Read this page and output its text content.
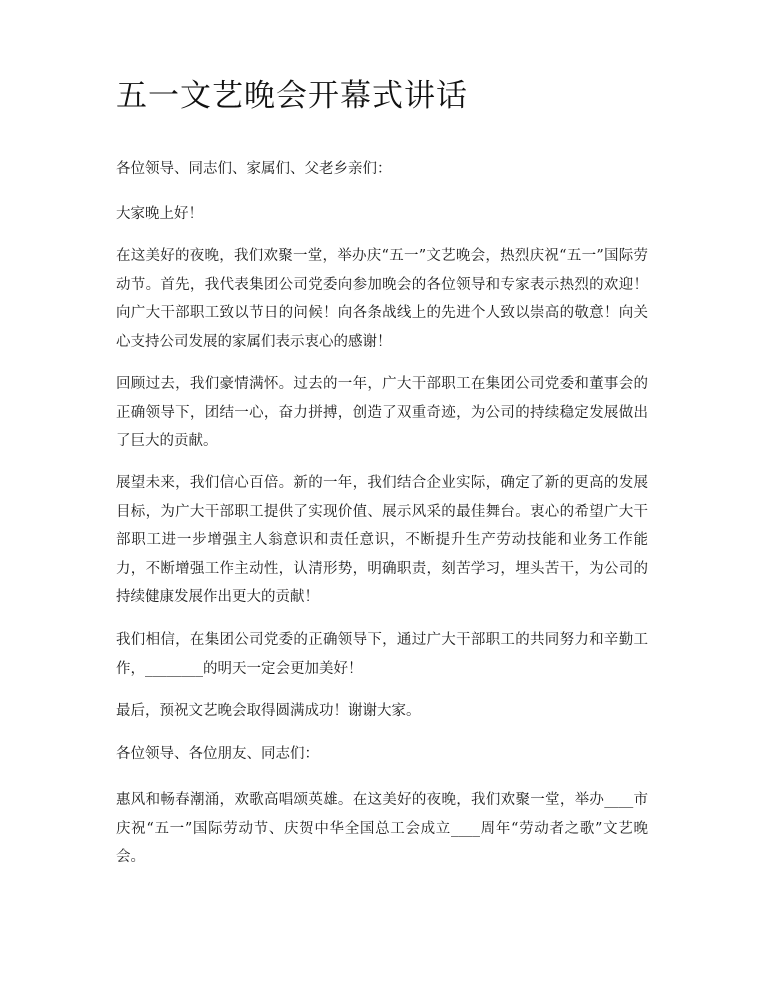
五一文艺晚会开幕式讲话

各位领导、同志们、家属们、父老乡亲们：

大家晚上好！

在这美好的夜晚，我们欢聚一堂，举办庆“五一”文艺晚会，热烈庆祝“五一”国际劳动节。首先，我代表集团公司党委向参加晚会的各位领导和专家表示热烈的欢迎！向广大干部职工致以节日的问候！向各条战线上的先进个人致以崇高的敬意！向关心支持公司发展的家属们表示衷心的感谢！

回顾过去，我们豪情满怀。过去的一年，广大干部职工在集团公司党委和董事会的正确领导下，团结一心，奋力拼搏，创造了双重奇迹，为公司的持续稳定发展做出了巨大的贡献。

展望未来，我们信心百倍。新的一年，我们结合企业实际，确定了新的更高的发展目标，为广大干部职工提供了实现价值、展示风采的最佳舞台。衷心的希望广大干部职工进一步增强主人翁意识和责任意识，不断提升生产劳动技能和业务工作能力，不断增强工作主动性，认清形势，明确职责，刻苦学习，埋头苦干，为公司的持续健康发展作出更大的贡献！

我们相信，在集团公司党委的正确领导下，通过广大干部职工的共同努力和辛勤工作，________的明天一定会更加美好！

最后，预祝文艺晚会取得圆满成功！谢谢大家。

各位领导、各位朋友、同志们：

惠风和畅春潮涌，欢歌高唱颂英雄。在这美好的夜晚，我们欢聚一堂，举办____市庆祝“五一”国际劳动节、庆贺中华全国总工会成立____周年“劳动者之歌”文艺晚会。
